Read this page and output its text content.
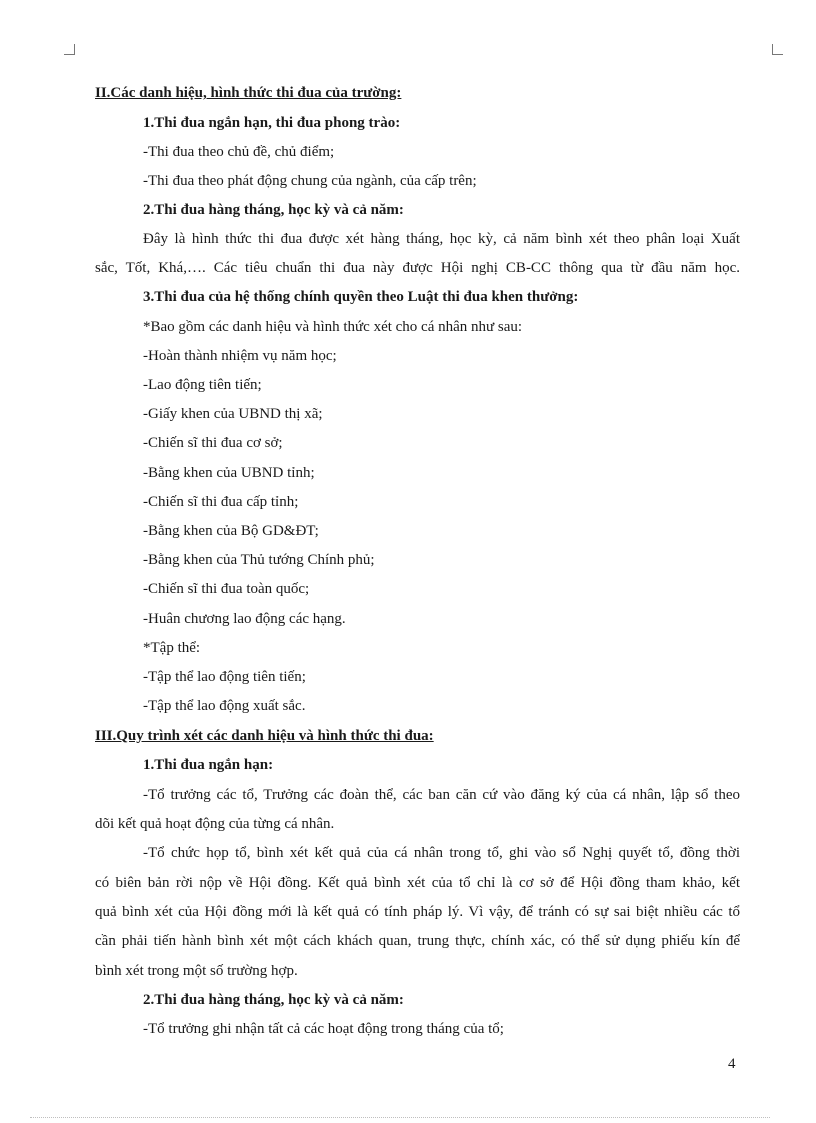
II.Các danh hiệu, hình thức thi đua của trường:
1.Thi đua ngắn hạn, thi đua phong trào:
-Thi đua theo chủ đề, chủ điểm;
-Thi đua theo phát động chung của ngành, của cấp trên;
2.Thi đua hàng tháng, học kỳ và cả năm:
Đây là hình thức thi đua được xét hàng tháng, học kỳ, cả năm bình xét theo phân loại Xuất
sắc, Tốt, Khá,…. Các tiêu chuẩn thi đua này được Hội nghị CB-CC thông qua từ đầu năm học.
3.Thi đua của hệ thống chính quyền theo Luật thi đua khen thưởng:
*Bao gồm các danh hiệu và hình thức xét cho cá nhân như sau:
-Hoàn thành nhiệm vụ năm học;
-Lao động tiên tiến;
-Giấy khen của UBND thị xã;
-Chiến sĩ thi đua cơ sở;
-Bằng khen của UBND tỉnh;
-Chiến sĩ thi đua cấp tỉnh;
-Bằng khen của Bộ GD&ĐT;
-Bằng khen của Thủ tướng Chính phủ;
-Chiến sĩ thi đua toàn quốc;
-Huân chương lao động các hạng.
*Tập thể:
-Tập thể lao động tiên tiến;
-Tập thể lao động xuất sắc.
III.Quy trình xét các danh hiệu và hình thức thi đua:
1.Thi đua ngắn hạn:
-Tổ trưởng các tổ, Trưởng các đoàn thể, các ban căn cứ vào đăng ký của cá nhân, lập sổ theo
dõi kết quả hoạt động của từng cá nhân.
-Tổ chức họp tổ, bình xét kết quả của cá nhân trong tổ, ghi vào sổ Nghị quyết tổ, đồng thời
có biên bản rời nộp về Hội đồng. Kết quả bình xét của tổ chỉ là cơ sở để Hội đồng tham khảo, kết
quả bình xét của Hội đồng mới là kết quả có tính pháp lý. Vì vậy, để tránh có sự sai biệt nhiều các tổ
cần phải tiến hành bình xét một cách khách quan, trung thực, chính xác, có thể sử dụng phiếu kín để
bình xét trong một số trường hợp.
2.Thi đua hàng tháng, học kỳ và cả năm:
-Tổ trưởng ghi nhận tất cả các hoạt động trong tháng của tổ;
4
